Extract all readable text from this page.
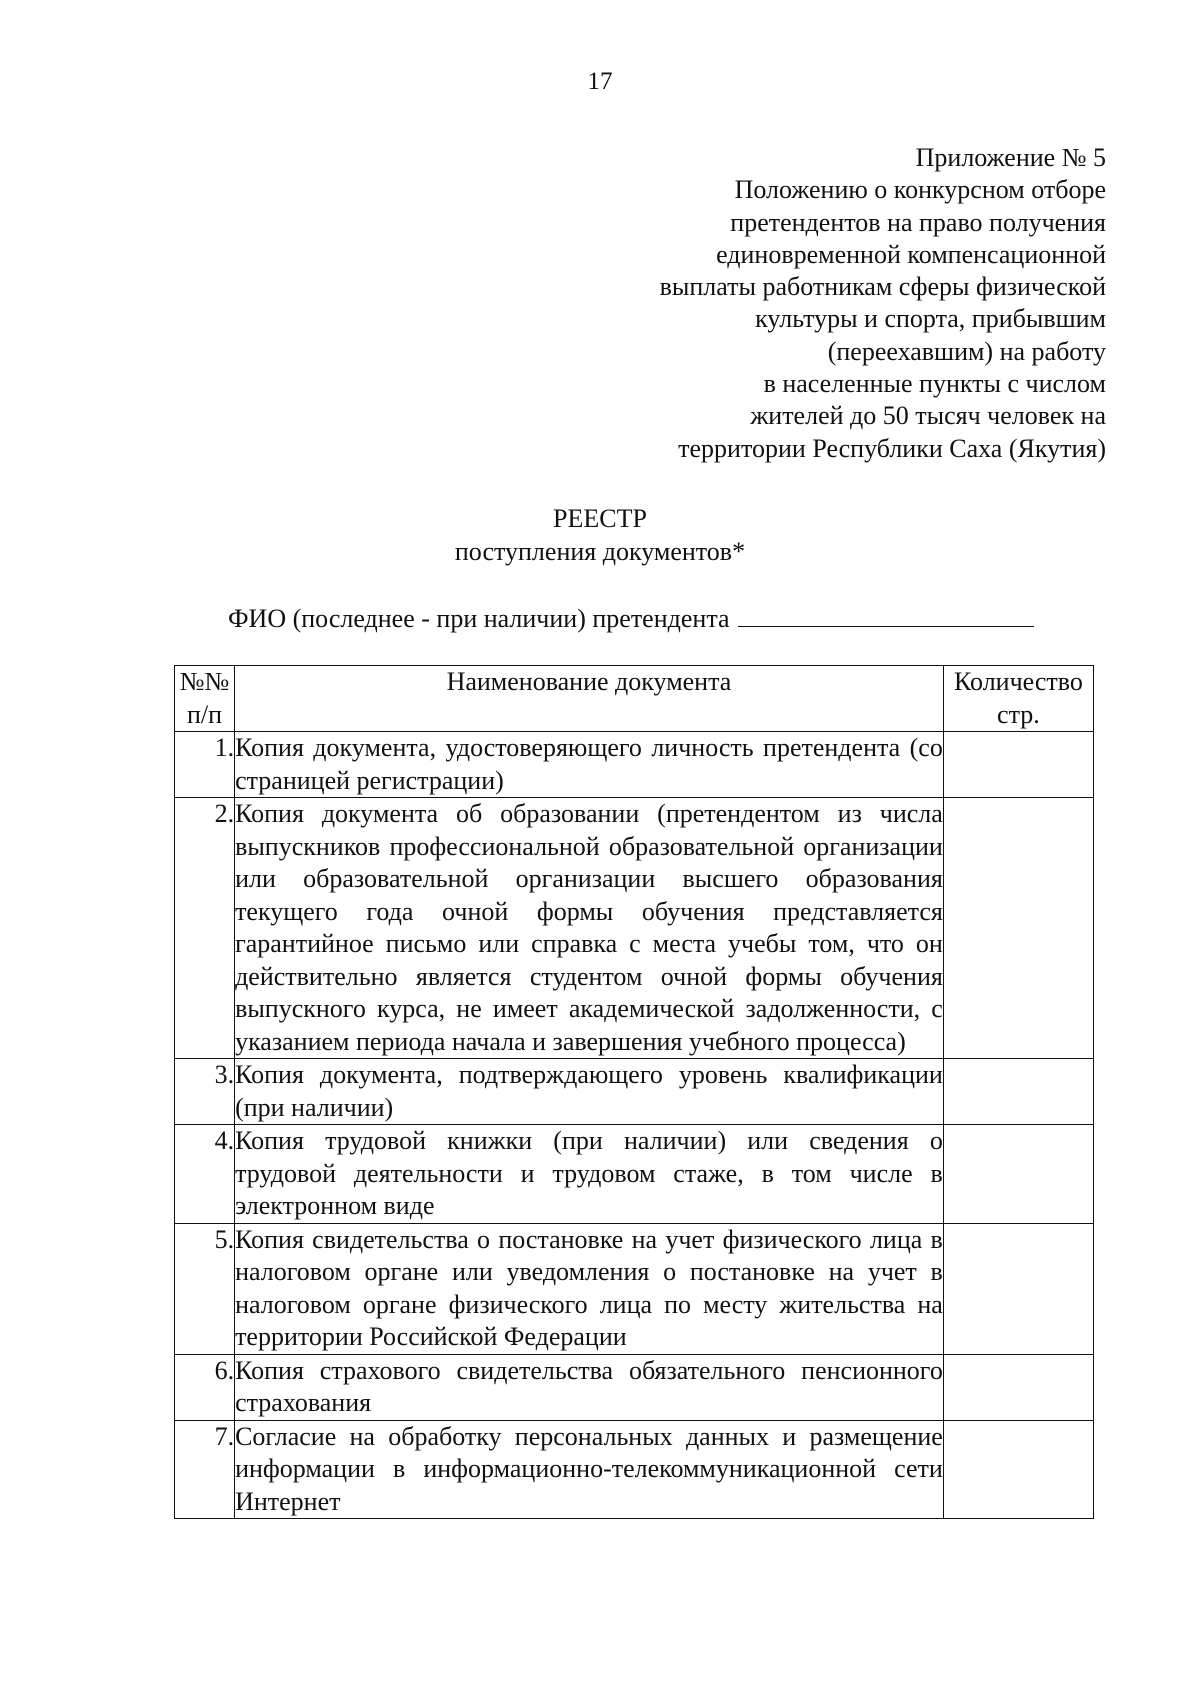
17
Приложение № 5
Положению о конкурсном отборе
претендентов на право получения
единовременной компенсационной
выплаты работникам сферы физической
культуры и спорта, прибывшим
(переехавшим) на работу
в населенные пункты с числом
жителей до 50 тысяч человек на
территории Республики Саха (Якутия)
РЕЕСТР
поступления документов*
ФИО (последнее - при наличии) претендента
№№ п/п	Наименование документа	Количество стр.
1.	Копия документа, удостоверяющего личность претендента (со страницей регистрации)	
2.	Копия документа об образовании (претендентом из числа выпускников профессиональной образовательной организации или образовательной организации высшего образования текущего года очной формы обучения представляется гарантийное письмо или справка с места учебы том, что он действительно является студентом очной формы обучения выпускного курса, не имеет академической задолженности, с указанием периода начала и завершения учебного процесса)	
3.	Копия документа, подтверждающего уровень квалификации (при наличии)	
4.	Копия трудовой книжки (при наличии) или сведения о трудовой деятельности и трудовом стаже, в том числе в электронном виде	
5.	Копия свидетельства о постановке на учет физического лица в налоговом органе или уведомления о постановке на учет в налоговом органе физического лица по месту жительства на территории Российской Федерации	
6.	Копия страхового свидетельства обязательного пенсионного страхования	
7.	Согласие на обработку персональных данных и размещение информации в информационно-телекоммуникационной сети Интернет	
